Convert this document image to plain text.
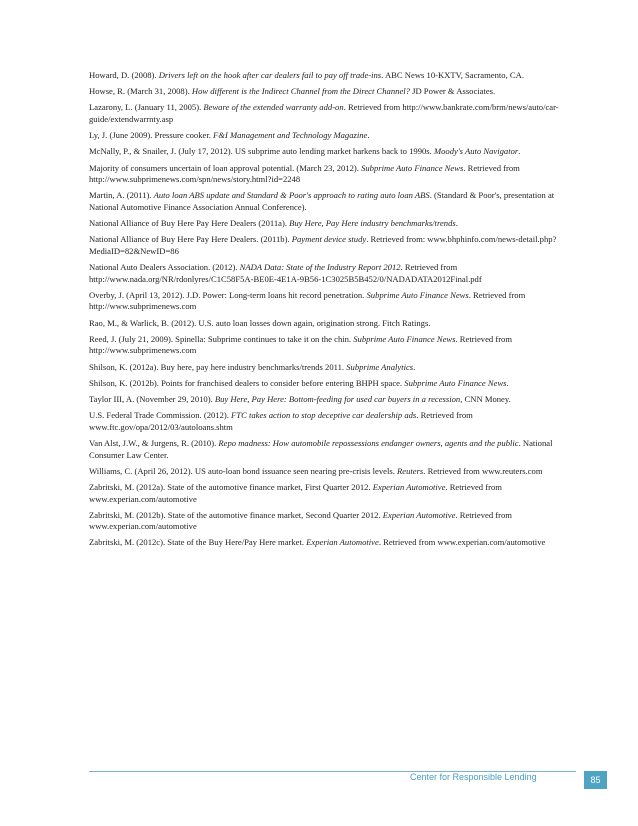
Howard, D. (2008). Drivers left on the hook after car dealers fail to pay off trade-ins. ABC News 10-KXTV, Sacramento, CA.

Howse, R. (March 31, 2008). How different is the Indirect Channel from the Direct Channel? JD Power & Associates.

Lazarony, L. (January 11, 2005). Beware of the extended warranty add-on. Retrieved from http://www.bankrate.com/brm/news/auto/car-guide/extendwarrnty.asp

Ly, J. (June 2009). Pressure cooker. F&I Management and Technology Magazine.

McNally, P., & Snailer, J. (July 17, 2012). US subprime auto lending market harkens back to 1990s. Moody's Auto Navigator.

Majority of consumers uncertain of loan approval potential. (March 23, 2012). Subprime Auto Finance News. Retrieved from http://www.subprimenews.com/spn/news/story.html?id=2248

Martin, A. (2011). Auto loan ABS update and Standard & Poor's approach to rating auto loan ABS. (Standard & Poor's, presentation at National Automotive Finance Association Annual Conference).

National Alliance of Buy Here Pay Here Dealers (2011a). Buy Here, Pay Here industry benchmarks/trends.

National Alliance of Buy Here Pay Here Dealers. (2011b). Payment device study. Retrieved from: www.bhphinfo.com/news-detail.php?MediaID=82&NewID=86

National Auto Dealers Association. (2012). NADA Data: State of the Industry Report 2012. Retrieved from http://www.nada.org/NR/rdonlyres/C1C58F5A-BE0E-4E1A-9B56-1C3025B5B452/0/NADADATA2012Final.pdf

Overby, J. (April 13, 2012). J.D. Power: Long-term loans hit record penetration. Subprime Auto Finance News. Retrieved from http://www.subprimenews.com

Rao, M., & Warlick, B. (2012). U.S. auto loan losses down again, origination strong. Fitch Ratings.

Reed, J. (July 21, 2009). Spinella: Subprime continues to take it on the chin. Subprime Auto Finance News. Retrieved from http://www.subprimenews.com

Shilson, K. (2012a). Buy here, pay here industry benchmarks/trends 2011. Subprime Analytics.

Shilson, K. (2012b). Points for franchised dealers to consider before entering BHPH space. Subprime Auto Finance News.

Taylor III, A. (November 29, 2010). Buy Here, Pay Here: Bottom-feeding for used car buyers in a recession, CNN Money.

U.S. Federal Trade Commission. (2012). FTC takes action to stop deceptive car dealership ads. Retrieved from www.ftc.gov/opa/2012/03/autoloans.shtm

Van Alst, J.W., & Jurgens, R. (2010). Repo madness: How automobile repossessions endanger owners, agents and the public. National Consumer Law Center.

Williams, C. (April 26, 2012). US auto-loan bond issuance seen nearing pre-crisis levels. Reuters. Retrieved from www.reuters.com

Zabritski, M. (2012a). State of the automotive finance market, First Quarter 2012. Experian Automotive. Retrieved from www.experian.com/automotive

Zabritski, M. (2012b). State of the automotive finance market, Second Quarter 2012. Experian Automotive. Retrieved from www.experian.com/automotive

Zabritski, M. (2012c). State of the Buy Here/Pay Here market. Experian Automotive. Retrieved from www.experian.com/automotive

Center for Responsible Lending	85
